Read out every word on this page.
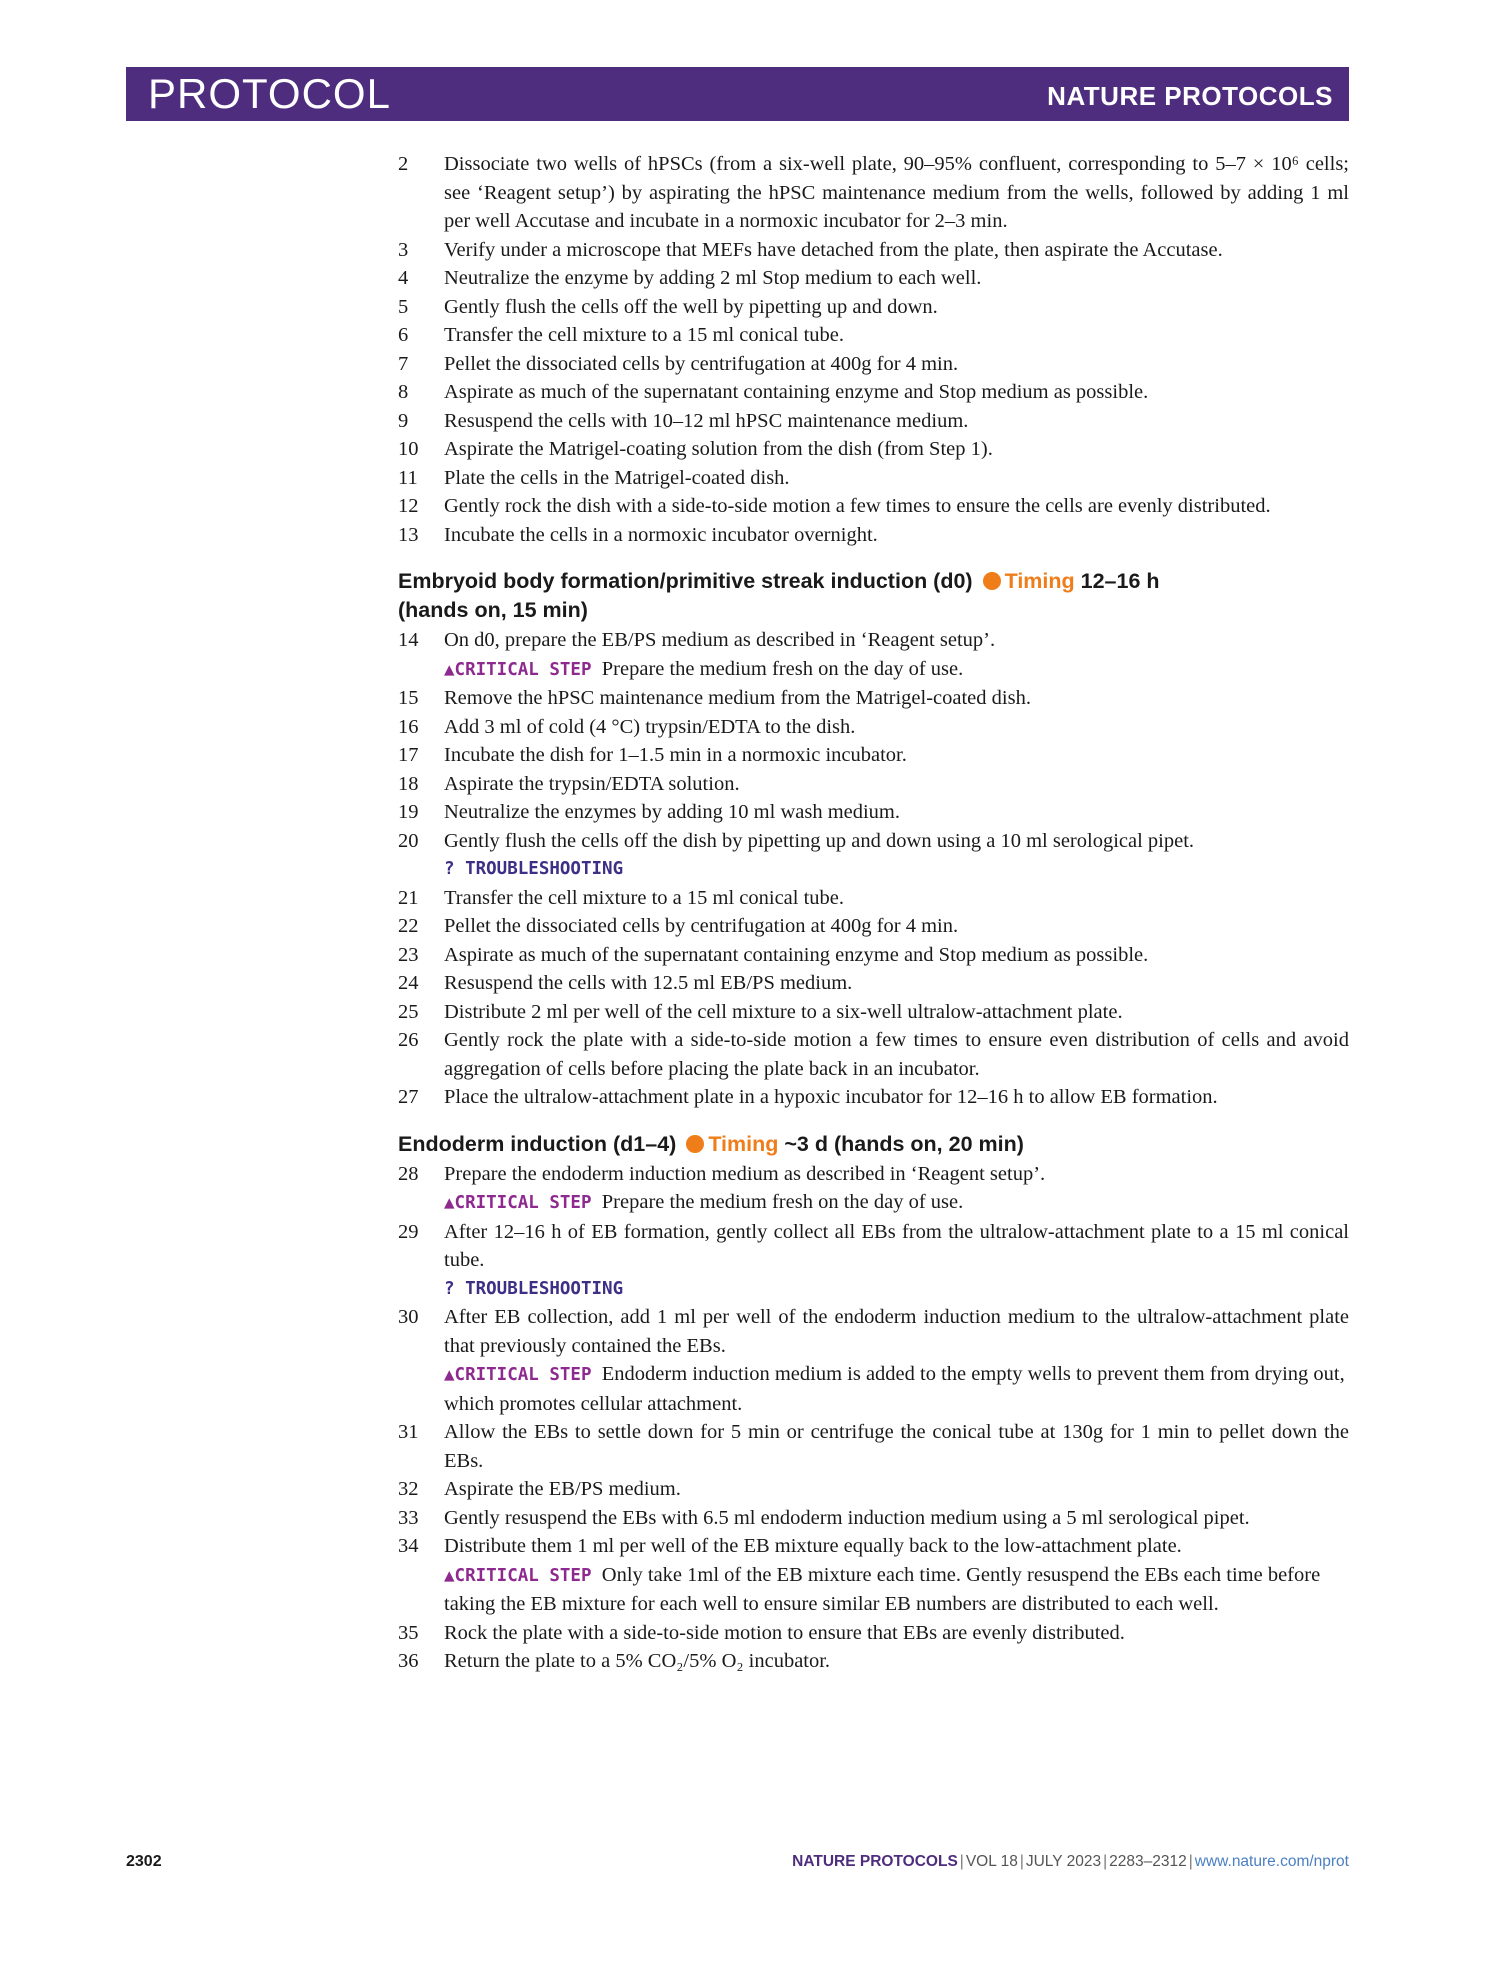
PROTOCOL	NATURE PROTOCOLS
2	Dissociate two wells of hPSCs (from a six-well plate, 90–95% confluent, corresponding to 5–7 × 10⁶ cells; see ‘Reagent setup’) by aspirating the hPSC maintenance medium from the wells, followed by adding 1 ml per well Accutase and incubate in a normoxic incubator for 2–3 min.
3	Verify under a microscope that MEFs have detached from the plate, then aspirate the Accutase.
4	Neutralize the enzyme by adding 2 ml Stop medium to each well.
5	Gently flush the cells off the well by pipetting up and down.
6	Transfer the cell mixture to a 15 ml conical tube.
7	Pellet the dissociated cells by centrifugation at 400g for 4 min.
8	Aspirate as much of the supernatant containing enzyme and Stop medium as possible.
9	Resuspend the cells with 10–12 ml hPSC maintenance medium.
10	Aspirate the Matrigel-coating solution from the dish (from Step 1).
11	Plate the cells in the Matrigel-coated dish.
12	Gently rock the dish with a side-to-side motion a few times to ensure the cells are evenly distributed.
13	Incubate the cells in a normoxic incubator overnight.
Embryoid body formation/primitive streak induction (d0) Timing 12–16 h
(hands on, 15 min)
14	On d0, prepare the EB/PS medium as described in ‘Reagent setup’.
▲CRITICAL STEP Prepare the medium fresh on the day of use.
15	Remove the hPSC maintenance medium from the Matrigel-coated dish.
16	Add 3 ml of cold (4 °C) trypsin/EDTA to the dish.
17	Incubate the dish for 1–1.5 min in a normoxic incubator.
18	Aspirate the trypsin/EDTA solution.
19	Neutralize the enzymes by adding 10 ml wash medium.
20	Gently flush the cells off the dish by pipetting up and down using a 10 ml serological pipet.
? TROUBLESHOOTING
21	Transfer the cell mixture to a 15 ml conical tube.
22	Pellet the dissociated cells by centrifugation at 400g for 4 min.
23	Aspirate as much of the supernatant containing enzyme and Stop medium as possible.
24	Resuspend the cells with 12.5 ml EB/PS medium.
25	Distribute 2 ml per well of the cell mixture to a six-well ultralow-attachment plate.
26	Gently rock the plate with a side-to-side motion a few times to ensure even distribution of cells and avoid aggregation of cells before placing the plate back in an incubator.
27	Place the ultralow-attachment plate in a hypoxic incubator for 12–16 h to allow EB formation.
Endoderm induction (d1–4) Timing ~3 d (hands on, 20 min)
28	Prepare the endoderm induction medium as described in ‘Reagent setup’.
▲CRITICAL STEP Prepare the medium fresh on the day of use.
29	After 12–16 h of EB formation, gently collect all EBs from the ultralow-attachment plate to a 15 ml conical tube.
? TROUBLESHOOTING
30	After EB collection, add 1 ml per well of the endoderm induction medium to the ultralow-attachment plate that previously contained the EBs.
▲CRITICAL STEP Endoderm induction medium is added to the empty wells to prevent them from drying out, which promotes cellular attachment.
31	Allow the EBs to settle down for 5 min or centrifuge the conical tube at 130g for 1 min to pellet down the EBs.
32	Aspirate the EB/PS medium.
33	Gently resuspend the EBs with 6.5 ml endoderm induction medium using a 5 ml serological pipet.
34	Distribute them 1 ml per well of the EB mixture equally back to the low-attachment plate.
▲CRITICAL STEP Only take 1ml of the EB mixture each time. Gently resuspend the EBs each time before taking the EB mixture for each well to ensure similar EB numbers are distributed to each well.
35	Rock the plate with a side-to-side motion to ensure that EBs are evenly distributed.
36	Return the plate to a 5% CO₂/5% O₂ incubator.
2302	NATURE PROTOCOLS | VOL 18 | JULY 2023 | 2283–2312 | www.nature.com/nprot
